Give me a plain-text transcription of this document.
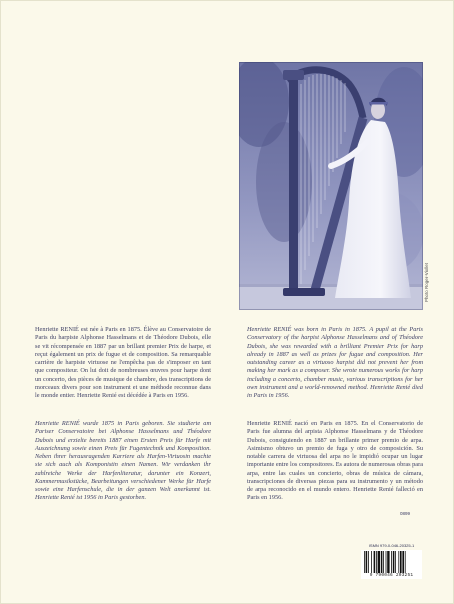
Photo Roger-Viollet

Henriette RENIÉ est née à Paris en 1875. Élève au Conservatoire de Paris du harpiste Alphonse Hasselmans et de Théodore Dubois, elle se vit récompensée en 1887 par un brillant premier Prix de harpe, et reçut également un prix de fugue et de composition. Sa remarquable carrière de harpiste virtuose ne l'empêcha pas de s'imposer en tant que compositeur. On lui doit de nombreuses œuvres pour harpe dont un concerto, des pièces de musique de chambre, des transcriptions de morceaux divers pour son instrument et une méthode reconnue dans le monde entier. Henriette Renié est décédée à Paris en 1956.

Henriette RENIÉ was born in Paris in 1875. A pupil at the Paris Conservatory of the harpist Alphonse Hasselmans and of Théodore Dubois, she was rewarded with a brilliant Premier Prix for harp already in 1887 as well as prizes for fugue and composition. Her outstanding career as a virtuoso harpist did not prevent her from making her mark as a composer. She wrote numerous works for harp including a concerto, chamber music, various transcriptions for her own instrument and a world-renowned method. Henriette Renié died in Paris in 1956.

Henriette RENIÉ wurde 1875 in Paris geboren. Sie studierte am Pariser Conservatoire bei Alphonse Hasselmans und Théodore Dubois und erzielte bereits 1887 einen Ersten Preis für Harfe mit Auszeichnung sowie einen Preis für Fugentechnik und Komposition. Neben ihrer herausragenden Karriere als Harfen-Virtuosin machte sie sich auch als Komponistin einen Namen. Wir verdanken ihr zahlreiche Werke der Harfenliteratur, darunter ein Konzert, Kammermusikstücke, Bearbeitungen verschiedener Werke für Harfe sowie eine Harfenschule, die in der ganzen Welt anerkannt ist. Henriette Renié ist 1956 in Paris gestorben.

Henriette RENIÉ nació en Paris en 1875. En el Conservatorio de Paris fue alumna del arpista Alphonse Hasselmans y de Théodore Dubois, consiguiendo en 1887 un brillante primer premio de arpa. Asimismo obtuvo un premio de fuga y otro de composición. Su notable carrera de virtuosa del arpa no le impidió ocupar un lugar importante entre los compositores. Es autora de numerosas obras para arpa, entre las cuales un concierto, obras de música de cámara, transcripciones de diversas piezas para su instrumento y un método de arpa reconocido en el mundo entero. Henriette Renié falleció en Paris en 1956.

0899
ISMN 979-0-046-20325-1
9 790046 203251
